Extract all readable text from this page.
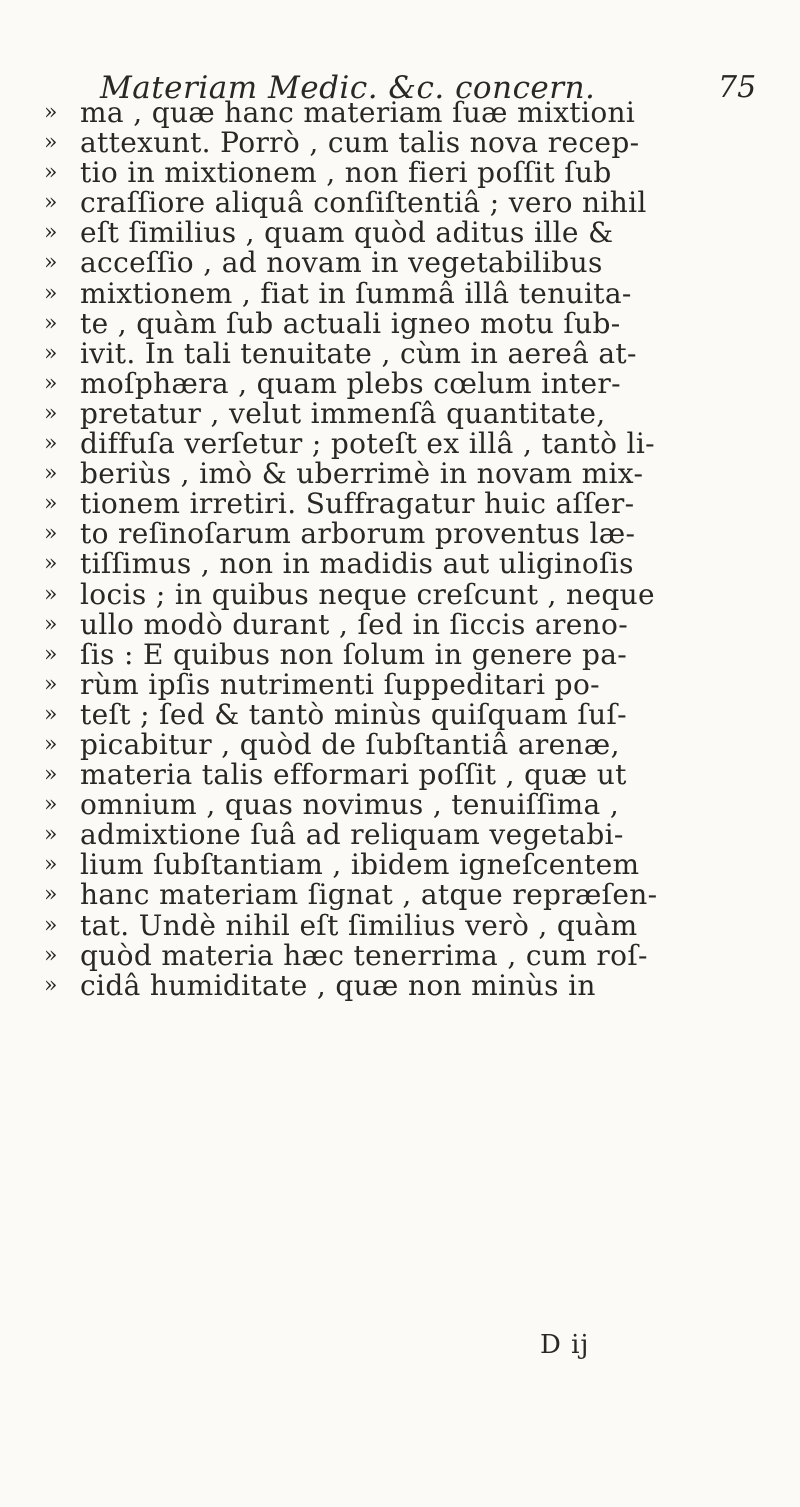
Materiam Medic. &c. concern.	75
» ma , quæ hanc materiam ſuæ mixtioni
» attexunt. Porrò , cum talis nova recep-
» tio in mixtionem , non fieri poſſit ſub
» craſſiore aliquâ conſiſtentiâ ; vero nihil
» eſt ſimilius , quam quòd aditus ille &
» acceſſio , ad novam in vegetabilibus
» mixtionem , fiat in ſummâ illâ tenuita-
» te , quàm ſub actuali igneo motu ſub-
» ivit. In tali tenuitate , cùm in aereâ at-
» moſphæra , quam plebs cœlum inter-
» pretatur , velut immenſâ quantitate,
» diffuſa verſetur ; poteſt ex illâ , tantò li-
» beriùs , imò & uberrimè in novam mix-
» tionem irretiri. Suffragatur huic aſſer-
» to reſinoſarum arborum proventus læ-
» tiſſimus , non in madidis aut uliginoſis
» locis ; in quibus neque creſcunt , neque
» ullo modò durant , ſed in ſiccis areno-
» ſis : E quibus non ſolum in genere pa-
» rùm ipſis nutrimenti ſuppeditari po-
» teſt ; ſed & tantò minùs quiſquam ſuſ-
» picabitur , quòd de ſubſtantiâ arenæ,
» materia talis efformari poſſit , quæ ut
» omnium , quas novimus , tenuiſſima ,
» admixtione ſuâ ad reliquam vegetabi-
» lium ſubſtantiam , ibidem igneſcentem
» hanc materiam ſignat , atque repræſen-
» tat. Undè nihil eſt ſimilius verò , quàm
» quòd materia hæc tenerrima , cum roſ-
» cidâ humiditate , quæ non minùs in
D ij
